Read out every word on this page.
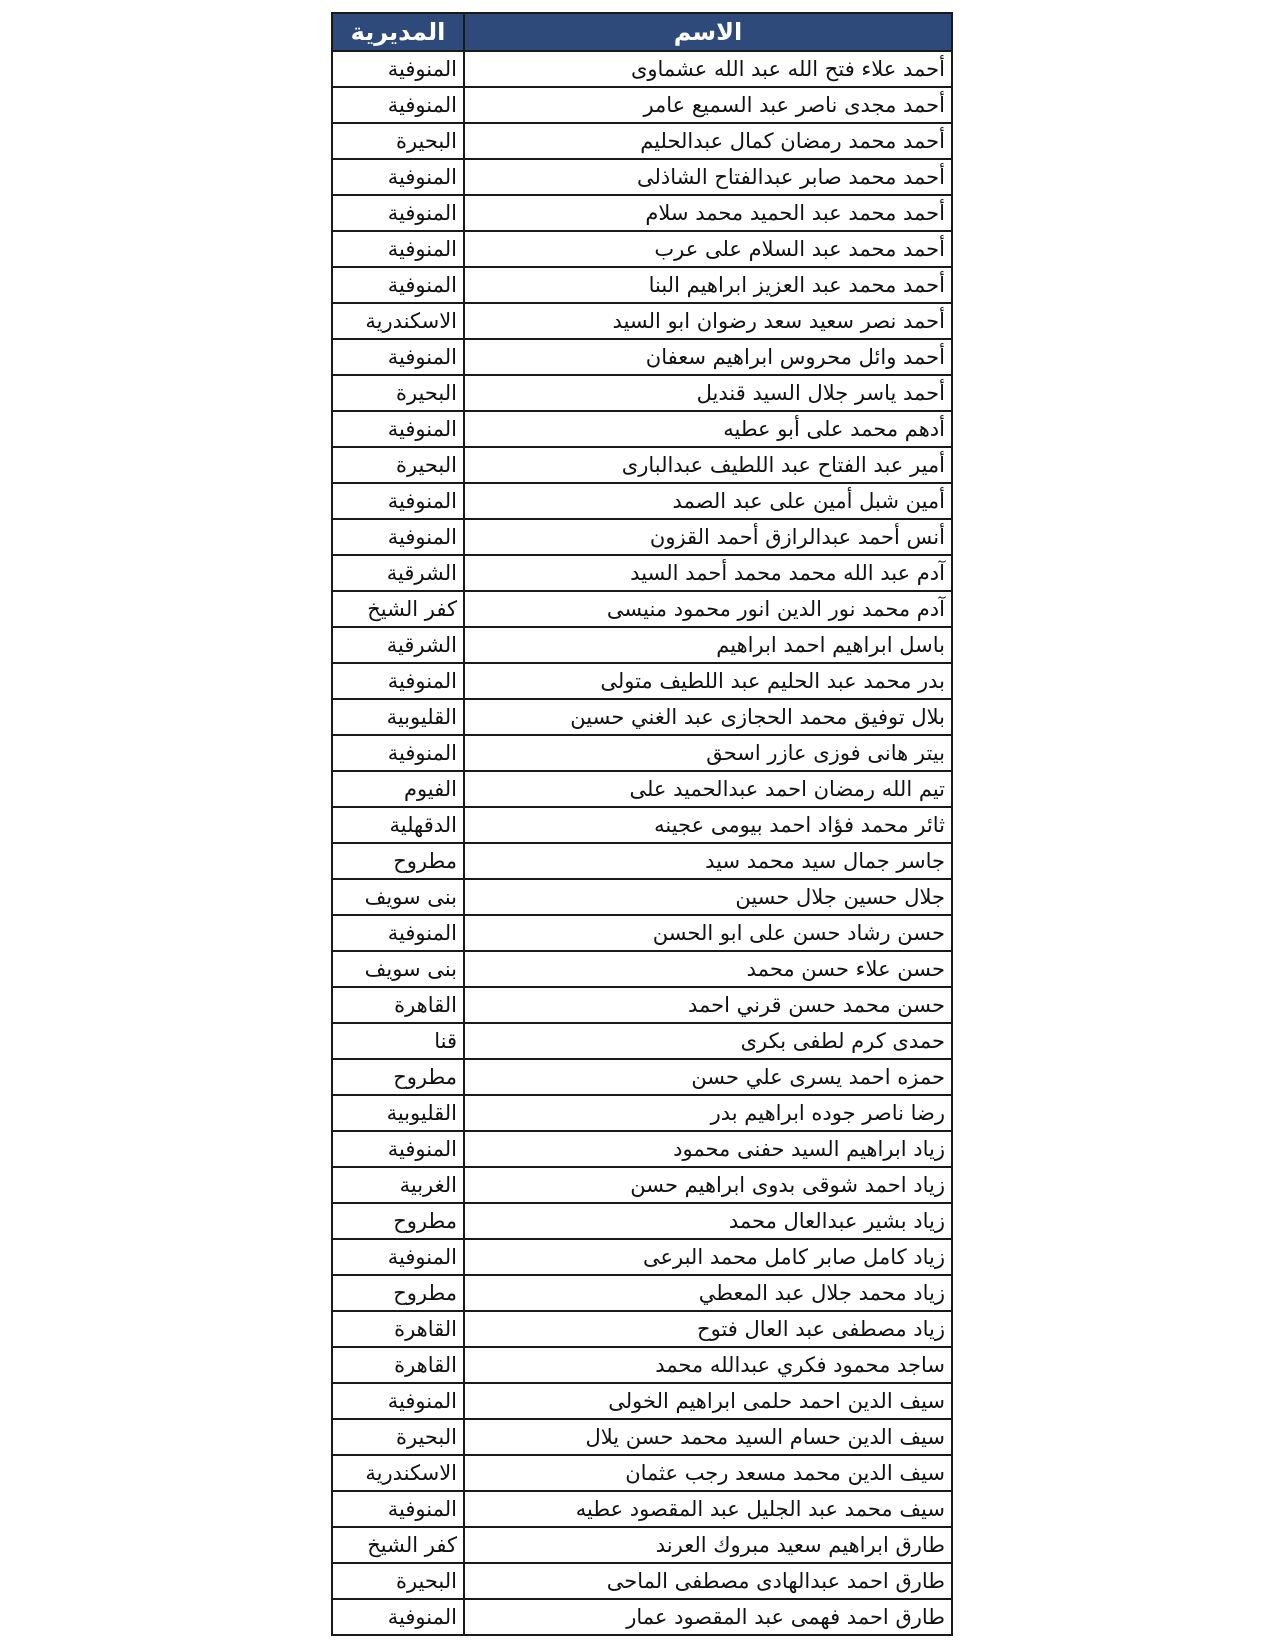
الاسم	المديرية
أحمد علاء فتح الله عبد الله عشماوى	المنوفية
أحمد مجدى ناصر عبد السميع عامر	المنوفية
أحمد محمد رمضان كمال عبدالحليم	البحيرة
أحمد محمد صابر عبدالفتاح الشاذلى	المنوفية
أحمد محمد عبد الحميد محمد سلام	المنوفية
أحمد محمد عبد السلام على عرب	المنوفية
أحمد محمد عبد العزيز ابراهيم البنا	المنوفية
أحمد نصر سعيد سعد رضوان ابو السيد	الاسكندرية
أحمد وائل محروس ابراهيم سعفان	المنوفية
أحمد ياسر جلال السيد قنديل	البحيرة
أدهم محمد على أبو عطيه	المنوفية
أمير عبد الفتاح عبد اللطيف عبدالبارى	البحيرة
أمين شبل أمين على عبد الصمد	المنوفية
أنس أحمد عبدالرازق أحمد القزون	المنوفية
آدم عبد الله محمد محمد أحمد السيد	الشرقية
آدم محمد نور الدين انور محمود منيسى	كفر الشيخ
باسل ابراهيم احمد ابراهيم	الشرقية
بدر محمد عبد الحليم عبد اللطيف متولى	المنوفية
بلال توفيق محمد الحجازى عبد الغني حسين	القليوبية
بيتر هانى فوزى عازر اسحق	المنوفية
تيم الله رمضان احمد عبدالحميد على	الفيوم
ثائر محمد فؤاد احمد بيومى عجينه	الدقهلية
جاسر جمال سيد محمد سيد	مطروح
جلال حسين جلال حسين	بنى سويف
حسن رشاد حسن على ابو الحسن	المنوفية
حسن علاء حسن محمد	بنى سويف
حسن محمد حسن قرني احمد	القاهرة
حمدى كرم لطفى بكرى	قنا
حمزه احمد يسرى علي حسن	مطروح
رضا ناصر جوده ابراهيم بدر	القليوبية
زياد ابراهيم السيد حفنى محمود	المنوفية
زياد احمد شوقى بدوى ابراهيم حسن	الغربية
زياد بشير عبدالعال محمد	مطروح
زياد كامل صابر كامل محمد البرعى	المنوفية
زياد محمد جلال عبد المعطي	مطروح
زياد مصطفى عبد العال فتوح	القاهرة
ساجد محمود فكري عبدالله محمد	القاهرة
سيف الدين احمد حلمى ابراهيم الخولى	المنوفية
سيف الدين حسام السيد محمد حسن يلال	البحيرة
سيف الدين محمد مسعد رجب عثمان	الاسكندرية
سيف محمد عبد الجليل عبد المقصود عطيه	المنوفية
طارق ابراهيم سعيد مبروك العرند	كفر الشيخ
طارق احمد عبدالهادى مصطفى الماحى	البحيرة
طارق احمد فهمى عبد المقصود عمار	المنوفية
